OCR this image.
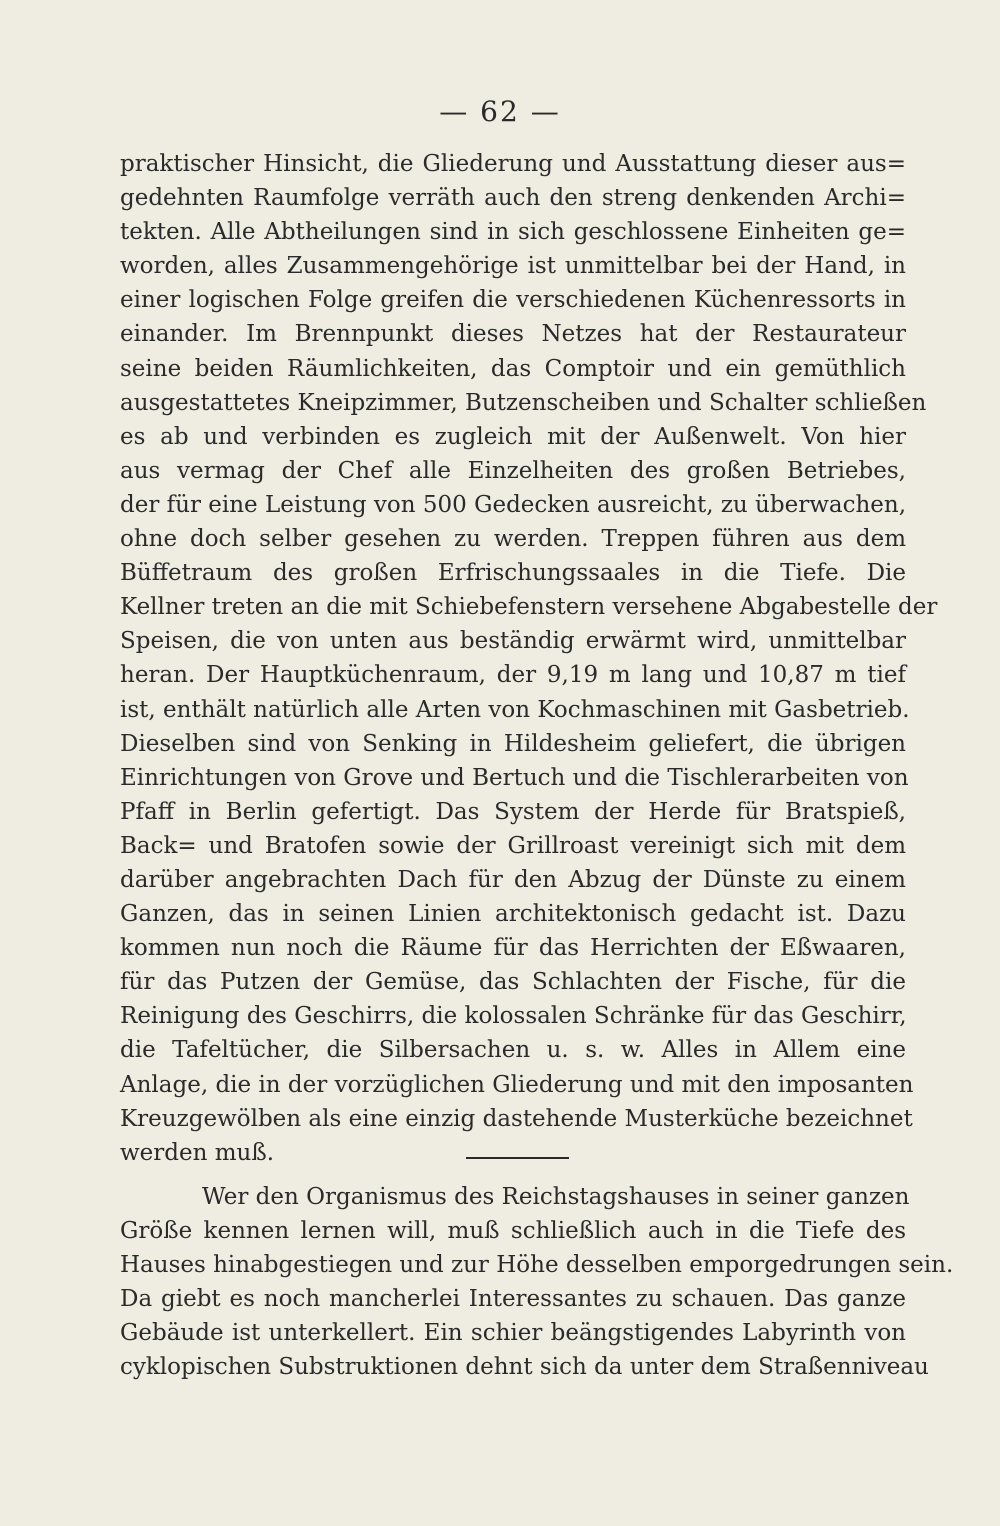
— 62 —
praktischer Hinsicht, die Gliederung und Ausstattung dieser aus=
gedehnten Raumfolge verräth auch den streng denkenden Archi=
tekten. Alle Abtheilungen sind in sich geschlossene Einheiten ge=
worden, alles Zusammengehörige ist unmittelbar bei der Hand, in
einer logischen Folge greifen die verschiedenen Küchenressorts in
einander. Im Brennpunkt dieses Netzes hat der Restaurateur
seine beiden Räumlichkeiten, das Comptoir und ein gemüthlich
ausgestattetes Kneipzimmer, Butzenscheiben und Schalter schließen
es ab und verbinden es zugleich mit der Außenwelt. Von hier
aus vermag der Chef alle Einzelheiten des großen Betriebes,
der für eine Leistung von 500 Gedecken ausreicht, zu überwachen,
ohne doch selber gesehen zu werden. Treppen führen aus dem
Büffetraum des großen Erfrischungssaales in die Tiefe. Die
Kellner treten an die mit Schiebefenstern versehene Abgabestelle der
Speisen, die von unten aus beständig erwärmt wird, unmittelbar
heran. Der Hauptküchenraum, der 9,19 m lang und 10,87 m tief
ist, enthält natürlich alle Arten von Kochmaschinen mit Gasbetrieb.
Dieselben sind von Senking in Hildesheim geliefert, die übrigen
Einrichtungen von Grove und Bertuch und die Tischlerarbeiten von
Pfaff in Berlin gefertigt. Das System der Herde für Bratspieß,
Back= und Bratofen sowie der Grillroast vereinigt sich mit dem
darüber angebrachten Dach für den Abzug der Dünste zu einem
Ganzen, das in seinen Linien architektonisch gedacht ist. Dazu
kommen nun noch die Räume für das Herrichten der Eßwaaren,
für das Putzen der Gemüse, das Schlachten der Fische, für die
Reinigung des Geschirrs, die kolossalen Schränke für das Geschirr,
die Tafeltücher, die Silbersachen u. s. w. Alles in Allem eine
Anlage, die in der vorzüglichen Gliederung und mit den imposanten
Kreuzgewölben als eine einzig dastehende Musterküche bezeichnet
werden muß.
Wer den Organismus des Reichstagshauses in seiner ganzen
Größe kennen lernen will, muß schließlich auch in die Tiefe des
Hauses hinabgestiegen und zur Höhe desselben emporgedrungen sein.
Da giebt es noch mancherlei Interessantes zu schauen. Das ganze
Gebäude ist unterkellert. Ein schier beängstigendes Labyrinth von
cyklopischen Substruktionen dehnt sich da unter dem Straßenniveau
